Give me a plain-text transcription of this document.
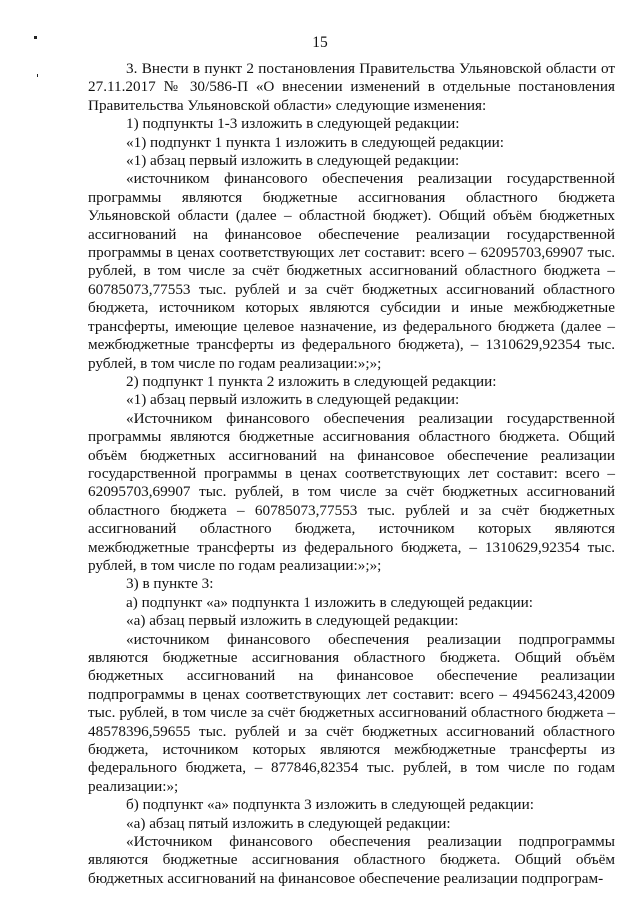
15

3. Внести в пункт 2 постановления Правительства Ульяновской области от 27.11.2017 № 30/586-П «О внесении изменений в отдельные постановления Правительства Ульяновской области» следующие изменения:

1) подпункты 1-3 изложить в следующей редакции:

«1) подпункт 1 пункта 1 изложить в следующей редакции:

«1) абзац первый изложить в следующей редакции:

«источником финансового обеспечения реализации государственной программы являются бюджетные ассигнования областного бюджета Ульяновской области (далее – областной бюджет). Общий объём бюджетных ассигнований на финансовое обеспечение реализации государственной программы в ценах соответствующих лет составит: всего – 62095703,69907 тыс. рублей, в том числе за счёт бюджетных ассигнований областного бюджета – 60785073,77553 тыс. рублей и за счёт бюджетных ассигнований областного бюджета, источником которых являются субсидии и иные межбюджетные трансферты, имеющие целевое назначение, из федерального бюджета (далее – межбюджетные трансферты из федерального бюджета), – 1310629,92354 тыс. рублей, в том числе по годам реализации:»;»;

2) подпункт 1 пункта 2 изложить в следующей редакции:

«1) абзац первый изложить в следующей редакции:

«Источником финансового обеспечения реализации государственной программы являются бюджетные ассигнования областного бюджета. Общий объём бюджетных ассигнований на финансовое обеспечение реализации государственной программы в ценах соответствующих лет составит: всего – 62095703,69907 тыс. рублей, в том числе за счёт бюджетных ассигнований областного бюджета – 60785073,77553 тыс. рублей и за счёт бюджетных ассигнований областного бюджета, источником которых являются межбюджетные трансферты из федерального бюджета, – 1310629,92354 тыс. рублей, в том числе по годам реализации:»;»;

3) в пункте 3:

а) подпункт «а» подпункта 1 изложить в следующей редакции:

«а) абзац первый изложить в следующей редакции:

«источником финансового обеспечения реализации подпрограммы являются бюджетные ассигнования областного бюджета. Общий объём бюджетных ассигнований на финансовое обеспечение реализации подпрограммы в ценах соответствующих лет составит: всего – 49456243,42009 тыс. рублей, в том числе за счёт бюджетных ассигнований областного бюджета – 48578396,59655 тыс. рублей и за счёт бюджетных ассигнований областного бюджета, источником которых являются межбюджетные трансферты из федерального бюджета, – 877846,82354 тыс. рублей, в том числе по годам реализации:»;

б) подпункт «а» подпункта 3 изложить в следующей редакции:

«а) абзац пятый изложить в следующей редакции:

«Источником финансового обеспечения реализации подпрограммы являются бюджетные ассигнования областного бюджета. Общий объём бюджетных ассигнований на финансовое обеспечение реализации подпрограм-
